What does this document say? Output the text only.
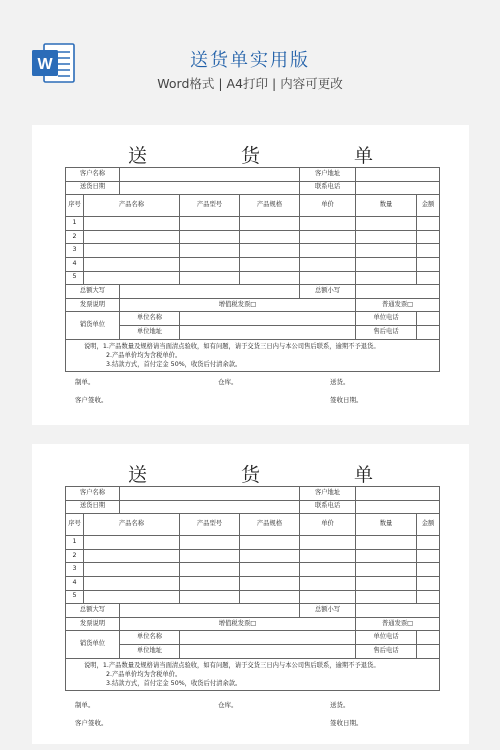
W	送货单实用版
Word格式 | A4打印 | 内容可更改
送 货 单
客户名称					客户地址		
送货日期					联系电话		
序号	产品名称		产品型号	产品规格	单价	数量	金额
1							
2							
3							
4							
5							
总额大写					总额小写		
发票说明		增值税发票□				普通发票□	
销货单位		单位名称				单位电话	
		单位地址				售后电话	

说明，1.产品数量及规格请当面清点验收，如有问题，请于交货三日内与本公司售后联系，逾期不予退货。
2.产品单价均为含税单价。
3.结款方式，首付定金 50%，收货后付清余款。							
制单。	仓库。	送货。
客户签收。	签收日期。
送 货 单
客户名称					客户地址		
送货日期					联系电话		
序号	产品名称		产品型号	产品规格	单价	数量	金额
1							
2							
3							
4							
5							
总额大写					总额小写		
发票说明		增值税发票□				普通发票□	
销货单位		单位名称				单位电话	
		单位地址				售后电话	

说明，1.产品数量及规格请当面清点验收，如有问题，请于交货三日内与本公司售后联系，逾期不予退货。
2.产品单价均为含税单价。
3.结款方式，首付定金 50%，收货后付清余款。							
制单。	仓库。	送货。
客户签收。	签收日期。
